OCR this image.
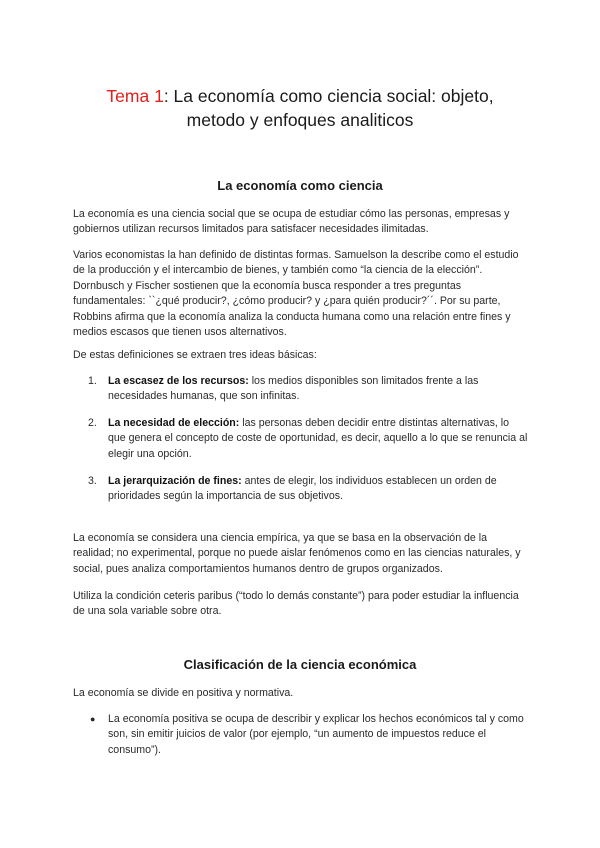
Tema 1: La economía como ciencia social: objeto,
metodo y enfoques analiticos
La economía como ciencia

La economía es una ciencia social que se ocupa de estudiar cómo las personas, empresas y gobiernos utilizan recursos limitados para satisfacer necesidades ilimitadas.

Varios economistas la han definido de distintas formas. Samuelson la describe como el estudio de la producción y el intercambio de bienes, y también como “la ciencia de la elección”. Dornbusch y Fischer sostienen que la economía busca responder a tres preguntas fundamentales: ``¿qué producir?, ¿cómo producir? y ¿para quién producir?´´. Por su parte, Robbins afirma que la economía analiza la conducta humana como una relación entre fines y medios escasos que tienen usos alternativos.

De estas definiciones se extraen tres ideas básicas:

1.	La escasez de los recursos: los medios disponibles son limitados frente a las necesidades humanas, que son infinitas.
2.	La necesidad de elección: las personas deben decidir entre distintas alternativas, lo que genera el concepto de coste de oportunidad, es decir, aquello a lo que se renuncia al elegir una opción.
3.	La jerarquización de fines: antes de elegir, los individuos establecen un orden de prioridades según la importancia de sus objetivos.

La economía se considera una ciencia empírica, ya que se basa en la observación de la realidad; no experimental, porque no puede aislar fenómenos como en las ciencias naturales, y social, pues analiza comportamientos humanos dentro de grupos organizados.

Utiliza la condición ceteris paribus (“todo lo demás constante”) para poder estudiar la influencia de una sola variable sobre otra.

Clasificación de la ciencia económica

La economía se divide en positiva y normativa.

●	La economía positiva se ocupa de describir y explicar los hechos económicos tal y como son, sin emitir juicios de valor (por ejemplo, “un aumento de impuestos reduce el consumo”).
